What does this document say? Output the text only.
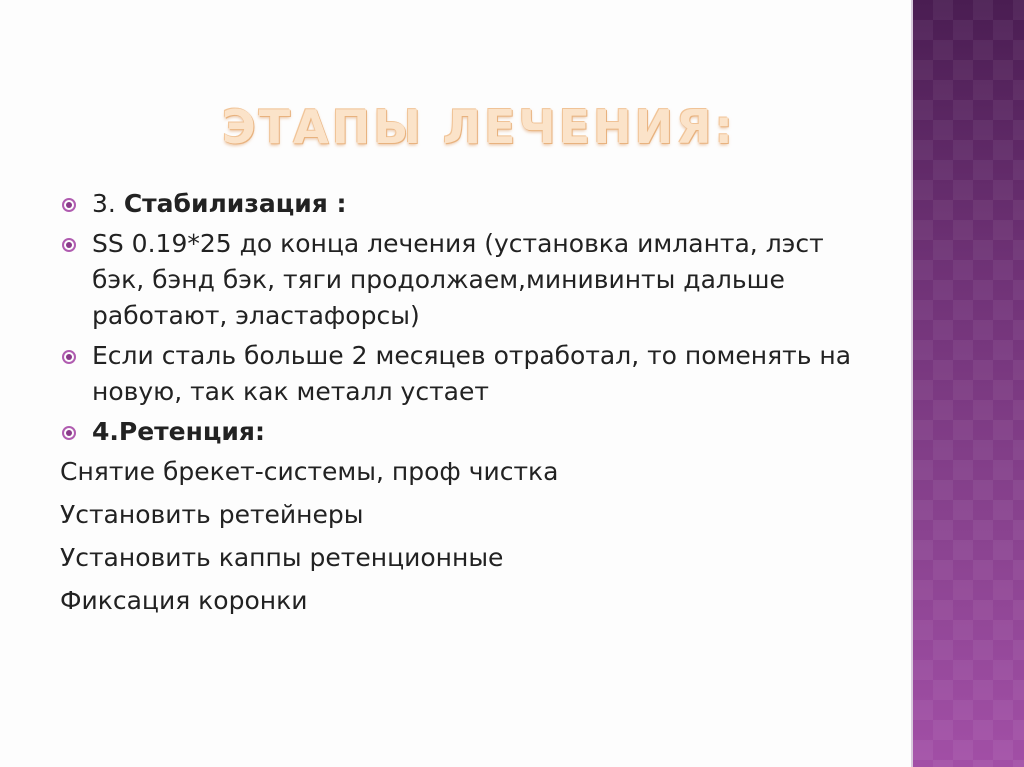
ЭТАПЫ ЛЕЧЕНИЯ:
3. Стабилизация :
SS 0.19*25 до конца лечения (установка имланта, лэст бэк, бэнд бэк, тяги продолжаем,минивинты дальше работают, эластафорсы)
Если сталь больше 2 месяцев отработал, то поменять на новую, так как металл устает
4.Ретенция:
Снятие брекет-системы, проф чистка
Установить ретейнеры
Установить каппы ретенционные
Фиксация коронки
